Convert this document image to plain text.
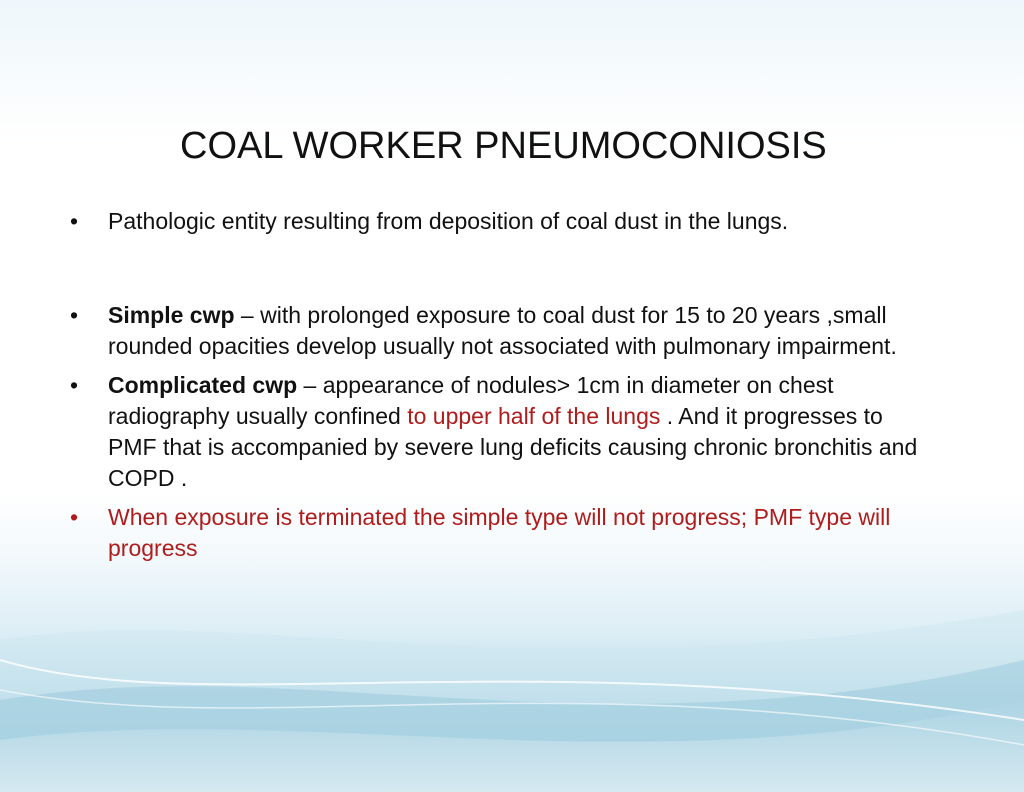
COAL WORKER PNEUMOCONIOSIS
• Pathologic entity resulting from deposition of coal dust in the lungs.
• Simple cwp – with prolonged exposure to coal dust for 15 to 20 years ,small rounded opacities develop usually not associated with pulmonary impairment.
• Complicated cwp – appearance of nodules> 1cm in diameter on chest radiography usually confined to upper half of the lungs . And it progresses to PMF that is accompanied by severe lung deficits causing chronic bronchitis and COPD .
• When exposure is terminated the simple type will not progress; PMF type will progress
